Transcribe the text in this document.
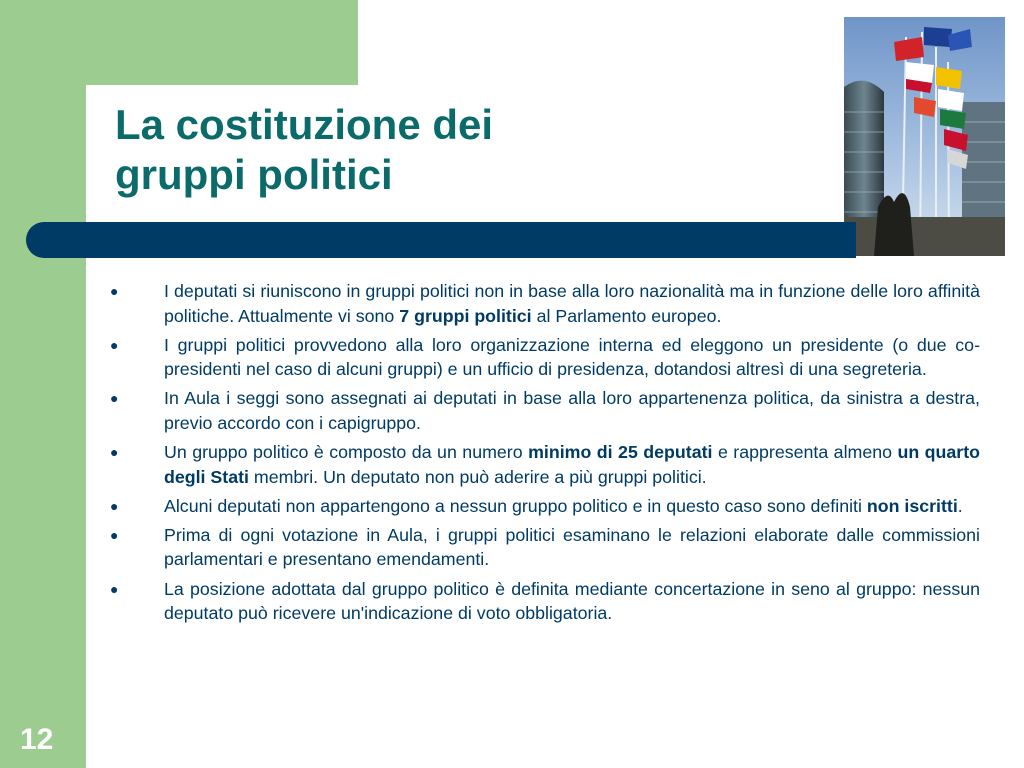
La costituzione dei
gruppi politici
●	I deputati si riuniscono in gruppi politici non in base alla loro nazionalità ma in funzione delle loro affinità politiche. Attualmente vi sono 7 gruppi politici al Parlamento europeo.
●	I gruppi politici provvedono alla loro organizzazione interna ed eleggono un presidente (o due co-presidenti nel caso di alcuni gruppi) e un ufficio di presidenza, dotandosi altresì di una segreteria.
●	In Aula i seggi sono assegnati ai deputati in base alla loro appartenenza politica, da sinistra a destra, previo accordo con i capigruppo.
●	Un gruppo politico è composto da un numero minimo di 25 deputati e rappresenta almeno un quarto degli Stati membri. Un deputato non può aderire a più gruppi politici.
●	Alcuni deputati non appartengono a nessun gruppo politico e in questo caso sono definiti non iscritti.
●	Prima di ogni votazione in Aula, i gruppi politici esaminano le relazioni elaborate dalle commissioni parlamentari e presentano emendamenti.
●	La posizione adottata dal gruppo politico è definita mediante concertazione in seno al gruppo: nessun deputato può ricevere un'indicazione di voto obbligatoria.
12
